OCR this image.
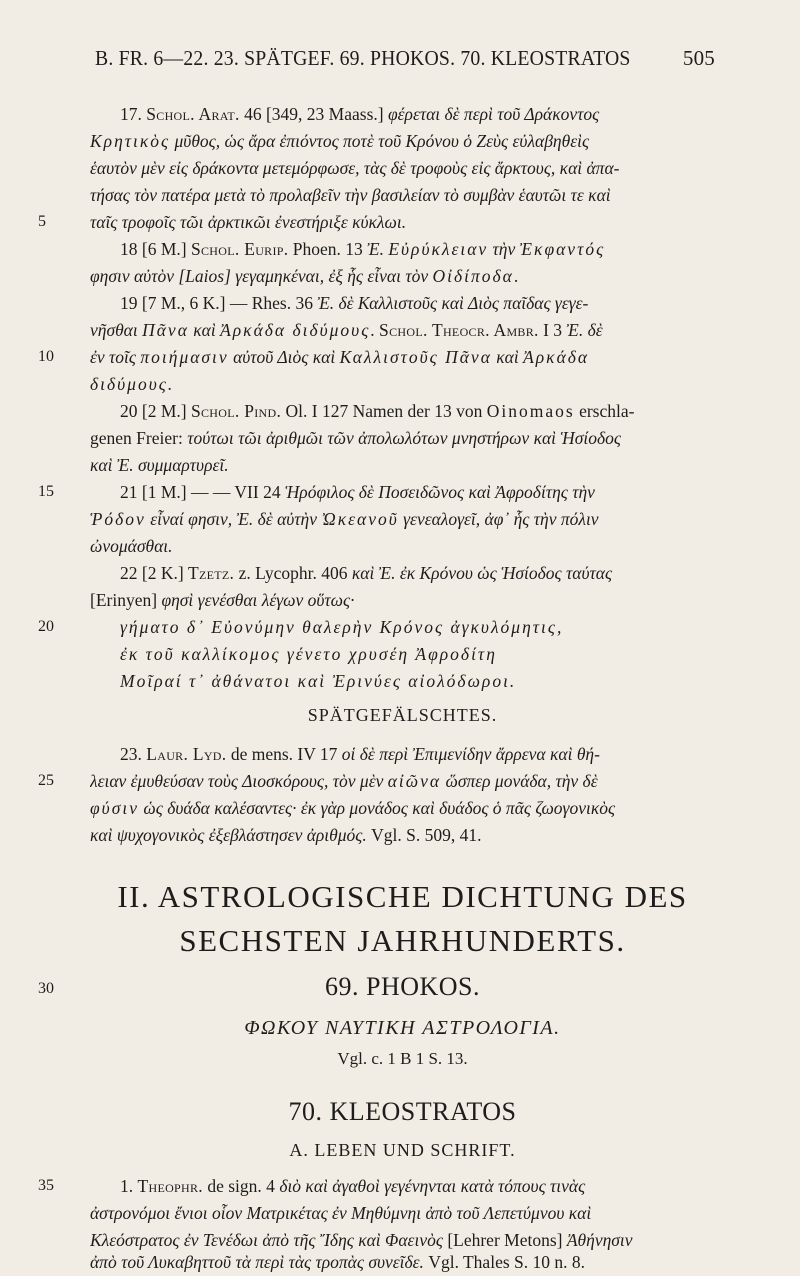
B. FR. 6—22. 23. SPÄTGEF. 69. PHOKOS. 70. KLEOSTRATOS 505
17. Schol. Arat. 46 [349, 23 Maass.] φέρεται δὲ περὶ τοῦ Δράκοντος
Κρητικὸς μῦθος, ὡς ἄρα ἐπιόντος ποτὲ τοῦ Κρόνου ὁ Ζεὺς εὐλαβηθεὶς
ἑαυτὸν μὲν εἰς δράκοντα μετεμόρφωσε, τὰς δὲ τροφοὺς εἰς ἄρκτους, καὶ ἀπα-
τήσας τὸν πατέρα μετὰ τὸ προλαβεῖν τὴν βασιλείαν τὸ συμβὰν ἑαυτῶι τε καὶ
5	ταῖς τροφοῖς τῶι ἀρκτικῶι ἐνεστήριξε κύκλωι.
18 [6 M.] Schol. Eurip. Phoen. 13 Ἐ. Εὐρύκλειαν τὴν Ἐκφαντός
φησιν αὐτὸν [Laios] γεγαμηκέναι, ἐξ ἧς εἶναι τὸν Οἰδίποδα.
19 [7 M., 6 K.] — Rhes. 36 Ἐ. δὲ Καλλιστοῦς καὶ Διὸς παῖδας γεγε-
νῆσθαι Πᾶνα καὶ Ἀρκάδα διδύμους. Schol. Theocr. Ambr. I 3 Ἐ. δὲ
10	ἐν τοῖς ποιήμασιν αὐτοῦ Διὸς καὶ Καλλιστοῦς Πᾶνα καὶ Ἀρκάδα
διδύμους.
20 [2 M.] Schol. Pind. Ol. I 127 Namen der 13 von Oinomaos erschla-
genen Freier: τούτωι τῶι ἀριθμῶι τῶν ἀπολωλότων μνηστήρων καὶ Ἡσίοδος
καὶ Ἐ. συμμαρτυρεῖ.
15	21 [1 M.] — — VII 24 Ἡρόφιλος δὲ Ποσειδῶνος καὶ Ἀφροδίτης τὴν
Ῥόδον εἶναί φησιν, Ἐ. δὲ αὐτὴν Ὠκεανοῦ γενεαλογεῖ, ἀφ᾽ ἧς τὴν πόλιν
ὠνομάσθαι.
22 [2 K.] Tzetz. z. Lycophr. 406 καὶ Ἐ. ἐκ Κρόνου ὡς Ἡσίοδος ταύτας
[Erinyen] φησὶ γενέσθαι λέγων οὕτως·
20	γήματο δ᾽ Εὐονύμην θαλερὴν Κρόνος ἀγκυλόμητις,
ἐκ τοῦ καλλίκομος γένετο χρυσέη Ἀφροδίτη
Μοῖραί τ᾽ ἀθάνατοι καὶ Ἐρινύες αἰολόδωροι.
SPÄTGEFÄLSCHTES.
23. Laur. Lyd. de mens. IV 17 οἱ δὲ περὶ Ἐπιμενίδην ἄρρενα καὶ θή-
25	λειαν ἐμυθεύσαν τοὺς Διοσκόρους, τὸν μὲν αἰῶνα ὥσπερ μονάδα, τὴν δὲ
φύσιν ὡς δυάδα καλέσαντες· ἐκ γὰρ μονάδος καὶ δυάδος ὁ πᾶς ζωογονικὸς
καὶ ψυχογονικὸς ἐξεβλάστησεν ἀριθμός. Vgl. S. 509, 41.
II. ASTROLOGISCHE DICHTUNG DES
SECHSTEN JAHRHUNDERTS.
30	69. PHOKOS.
ΦΩΚΟΥ ΝΑΥΤΙΚΗ ΑΣΤΡΟΛΟΓΙΑ.
Vgl. c. 1 B 1 S. 13.
70. KLEOSTRATOS
A. LEBEN UND SCHRIFT.
35	1. Theophr. de sign. 4 διὸ καὶ ἀγαθοὶ γεγένηνται κατὰ τόπους τινὰς
ἀστρονόμοι ἔνιοι οἷον Ματρικέτας ἐν Μηθύμνηι ἀπὸ τοῦ Λεπετύμνου καὶ
Κλεόστρατος ἐν Τενέδωι ἀπὸ τῆς Ἴδης καὶ Φαεινὸς [Lehrer Metons] Ἀθήνησιν
ἀπὸ τοῦ Λυκαβηττοῦ τὰ περὶ τὰς τροπὰς συνεῖδε. Vgl. Thales S. 10 n. 8.
